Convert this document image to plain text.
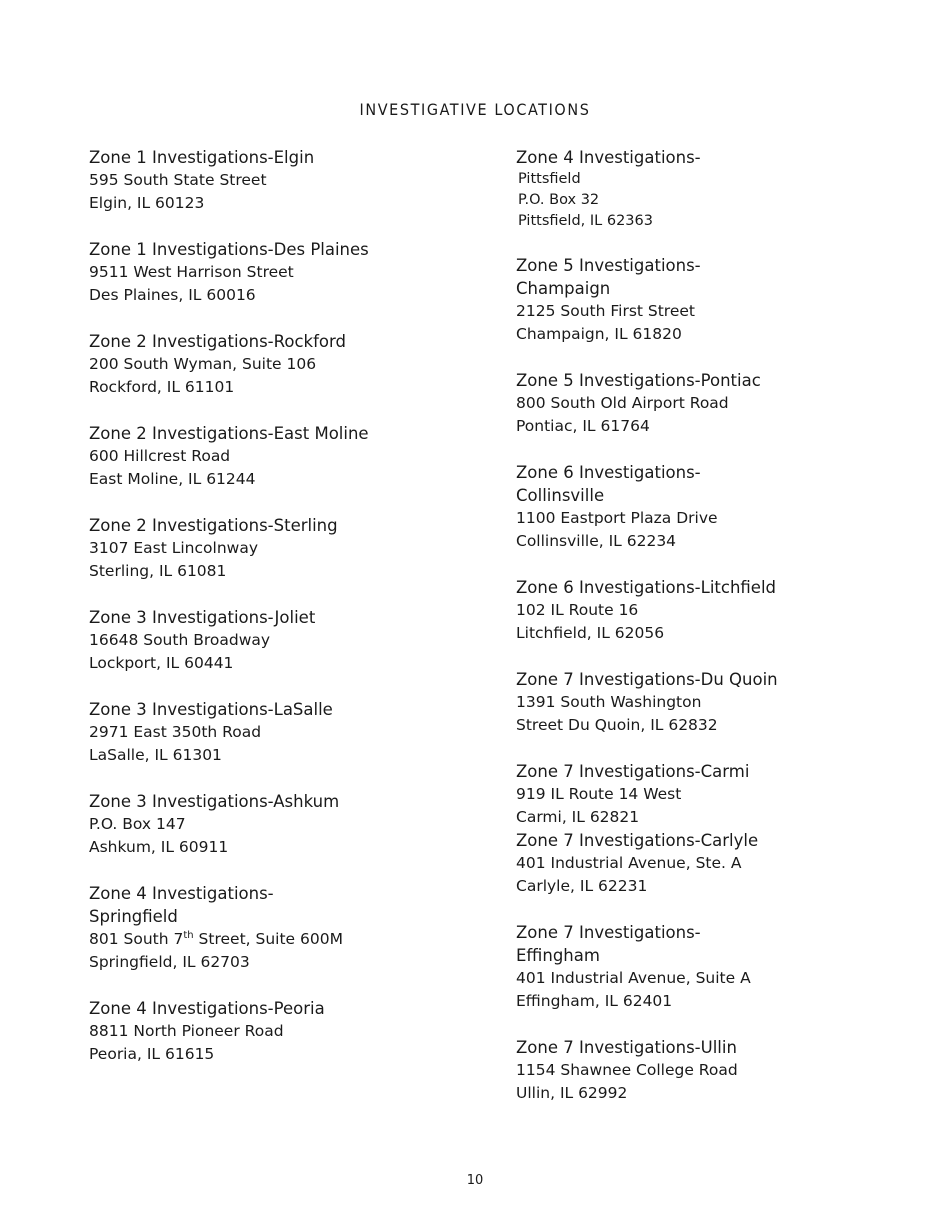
INVESTIGATIVE LOCATIONS
Zone 1 Investigations-Elgin
595 South State Street
Elgin, IL 60123
Zone 1 Investigations-Des Plaines
9511 West Harrison Street
Des Plaines, IL 60016
Zone 2 Investigations-Rockford
200 South Wyman, Suite 106
Rockford, IL 61101
Zone 2 Investigations-East Moline
600 Hillcrest Road
East Moline, IL 61244
Zone 2 Investigations-Sterling
3107 East Lincolnway
Sterling, IL 61081
Zone 3 Investigations-Joliet
16648 South Broadway
Lockport, IL 60441
Zone 3 Investigations-LaSalle
2971 East 350th Road
LaSalle, IL 61301
Zone 3 Investigations-Ashkum
P.O. Box 147
Ashkum, IL 60911
Zone 4 Investigations-
Springfield
801 South 7th Street, Suite 600M
Springfield, IL 62703
Zone 4 Investigations-Peoria
8811 North Pioneer Road
Peoria, IL 61615
Zone 4 Investigations-
Pittsfield
P.O. Box 32
Pittsfield, IL 62363
Zone 5 Investigations-
Champaign
2125 South First Street
Champaign, IL 61820
Zone 5 Investigations-Pontiac
800 South Old Airport Road
Pontiac, IL 61764
Zone 6 Investigations-
Collinsville
1100 Eastport Plaza Drive
Collinsville, IL 62234
Zone 6 Investigations-Litchfield
102 IL Route 16
Litchfield, IL 62056
Zone 7 Investigations-Du Quoin
1391 South Washington
Street Du Quoin, IL 62832
Zone 7 Investigations-Carmi
919 IL Route 14 West
Carmi, IL 62821
Zone 7 Investigations-Carlyle
401 Industrial Avenue, Ste. A
Carlyle, IL 62231
Zone 7 Investigations-
Effingham
401 Industrial Avenue, Suite A
Effingham, IL 62401
Zone 7 Investigations-Ullin
1154 Shawnee College Road
Ullin, IL 62992
10
